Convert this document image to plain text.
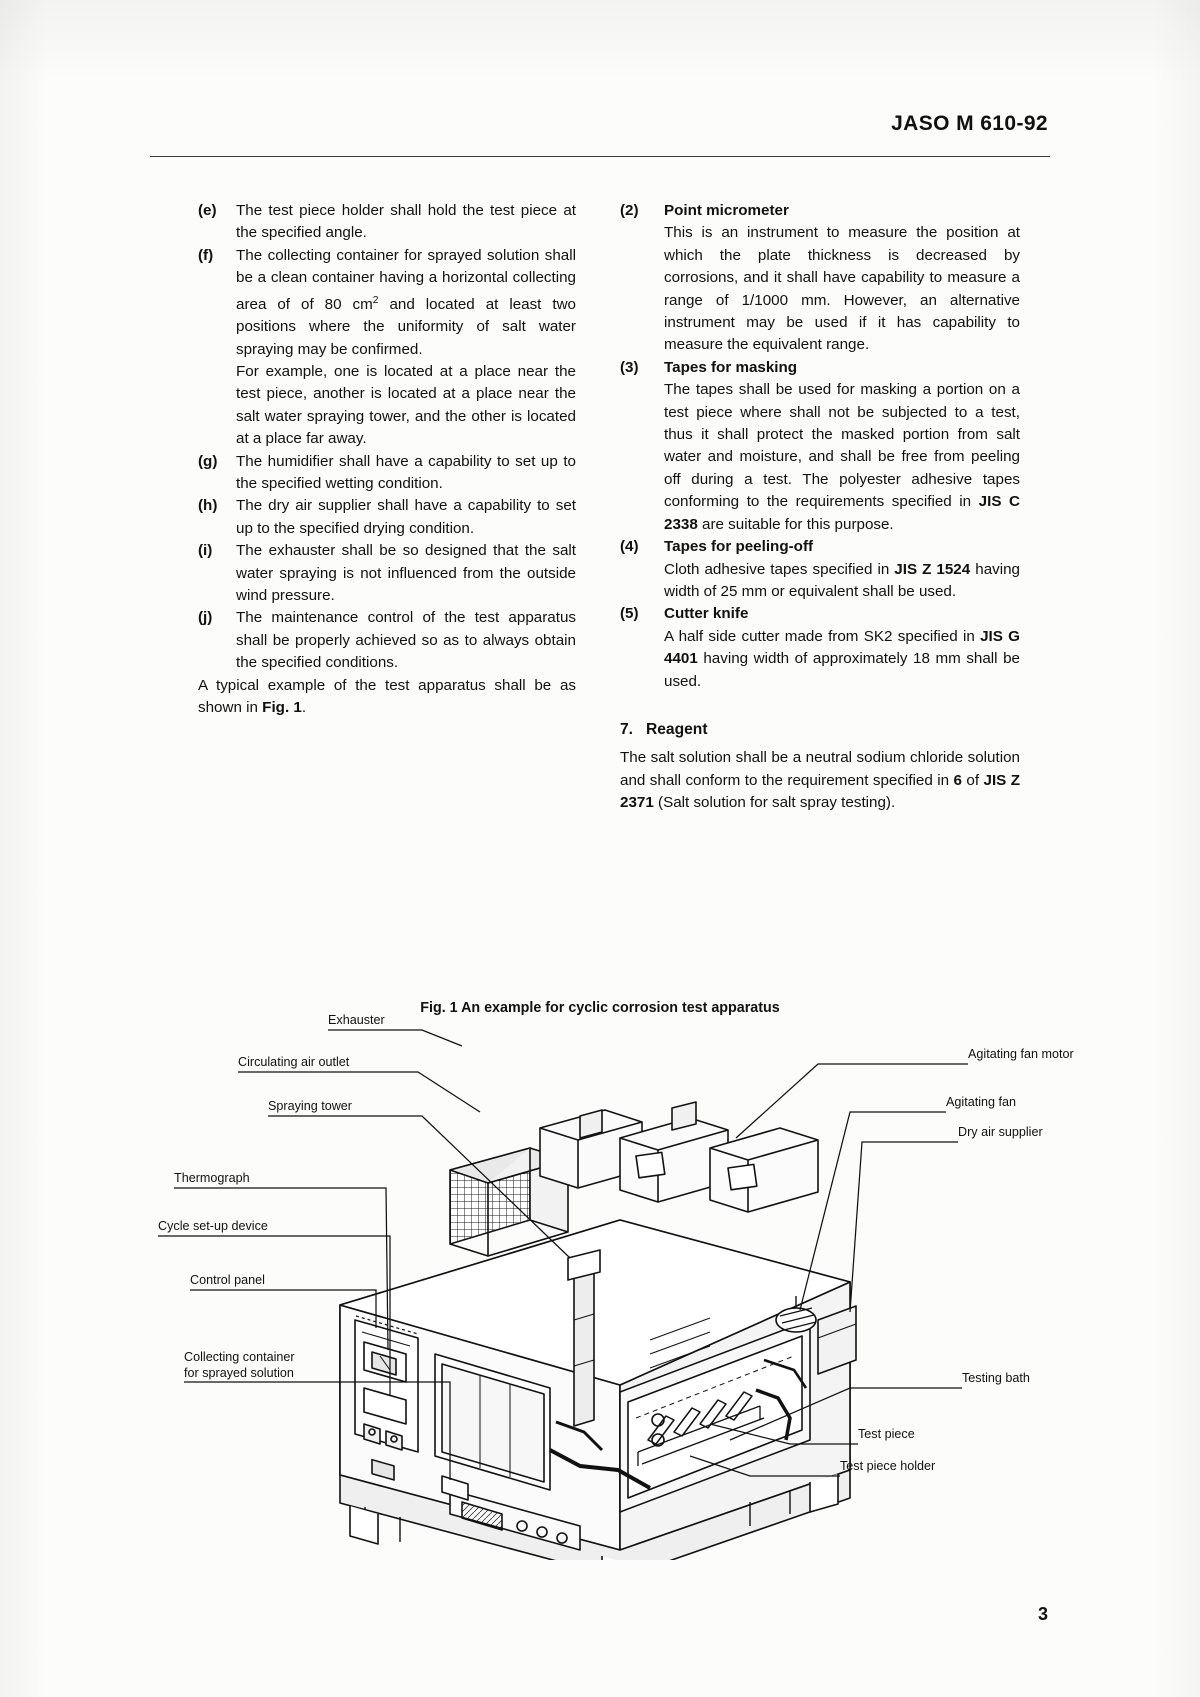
JASO M 610-92
(e)	The test piece holder shall hold the test piece at the specified angle.
(f)	The collecting container for sprayed solution shall be a clean container having a horizontal collecting area of of 80 $cm^2$ and located at least two positions where the uniformity of salt water spraying may be confirmed.
For example, one is located at a place near the test piece, another is located at a place near the salt water spraying tower, and the other is located at a place far away.
(g)	The humidifier shall have a capability to set up to the specified wetting condition.
(h)	The dry air supplier shall have a capability to set up to the specified drying condition.
(i)	The exhauster shall be so designed that the salt water spraying is not influenced from the outside wind pressure.
(j)	The maintenance control of the test apparatus shall be properly achieved so as to always obtain the specified conditions.
A typical example of the test apparatus shall be as shown in Fig. 1.
(2)	Point micrometer
This is an instrument to measure the position at which the plate thickness is decreased by corrosions, and it shall have capability to measure a range of 1/1000 mm. However, an alternative instrument may be used if it has capability to measure the equivalent range.
(3)	Tapes for masking
The tapes shall be used for masking a portion on a test piece where shall not be subjected to a test, thus it shall protect the masked portion from salt water and moisture, and shall be free from peeling off during a test. The polyester adhesive tapes conforming to the requirements specified in JIS C 2338 are suitable for this purpose.
(4)	Tapes for peeling-off
Cloth adhesive tapes specified in JIS Z 1524 having width of 25 mm or equivalent shall be used.
(5)	Cutter knife
A half side cutter made from SK2 specified in JIS G 4401 having width of approximately 18 mm shall be used.
7. Reagent
The salt solution shall be a neutral sodium chloride solution and shall conform to the requirement specified in 6 of JIS Z 2371 (Salt solution for salt spray testing).
Fig. 1 An example for cyclic corrosion test apparatus
Exhauster
Circulating air outlet
Spraying tower
Thermograph
Cycle set-up device
Control panel
Collecting container
for sprayed solution
Agitating fan motor
Agitating fan
Dry air supplier
Testing bath
Test piece
Test piece holder
3
